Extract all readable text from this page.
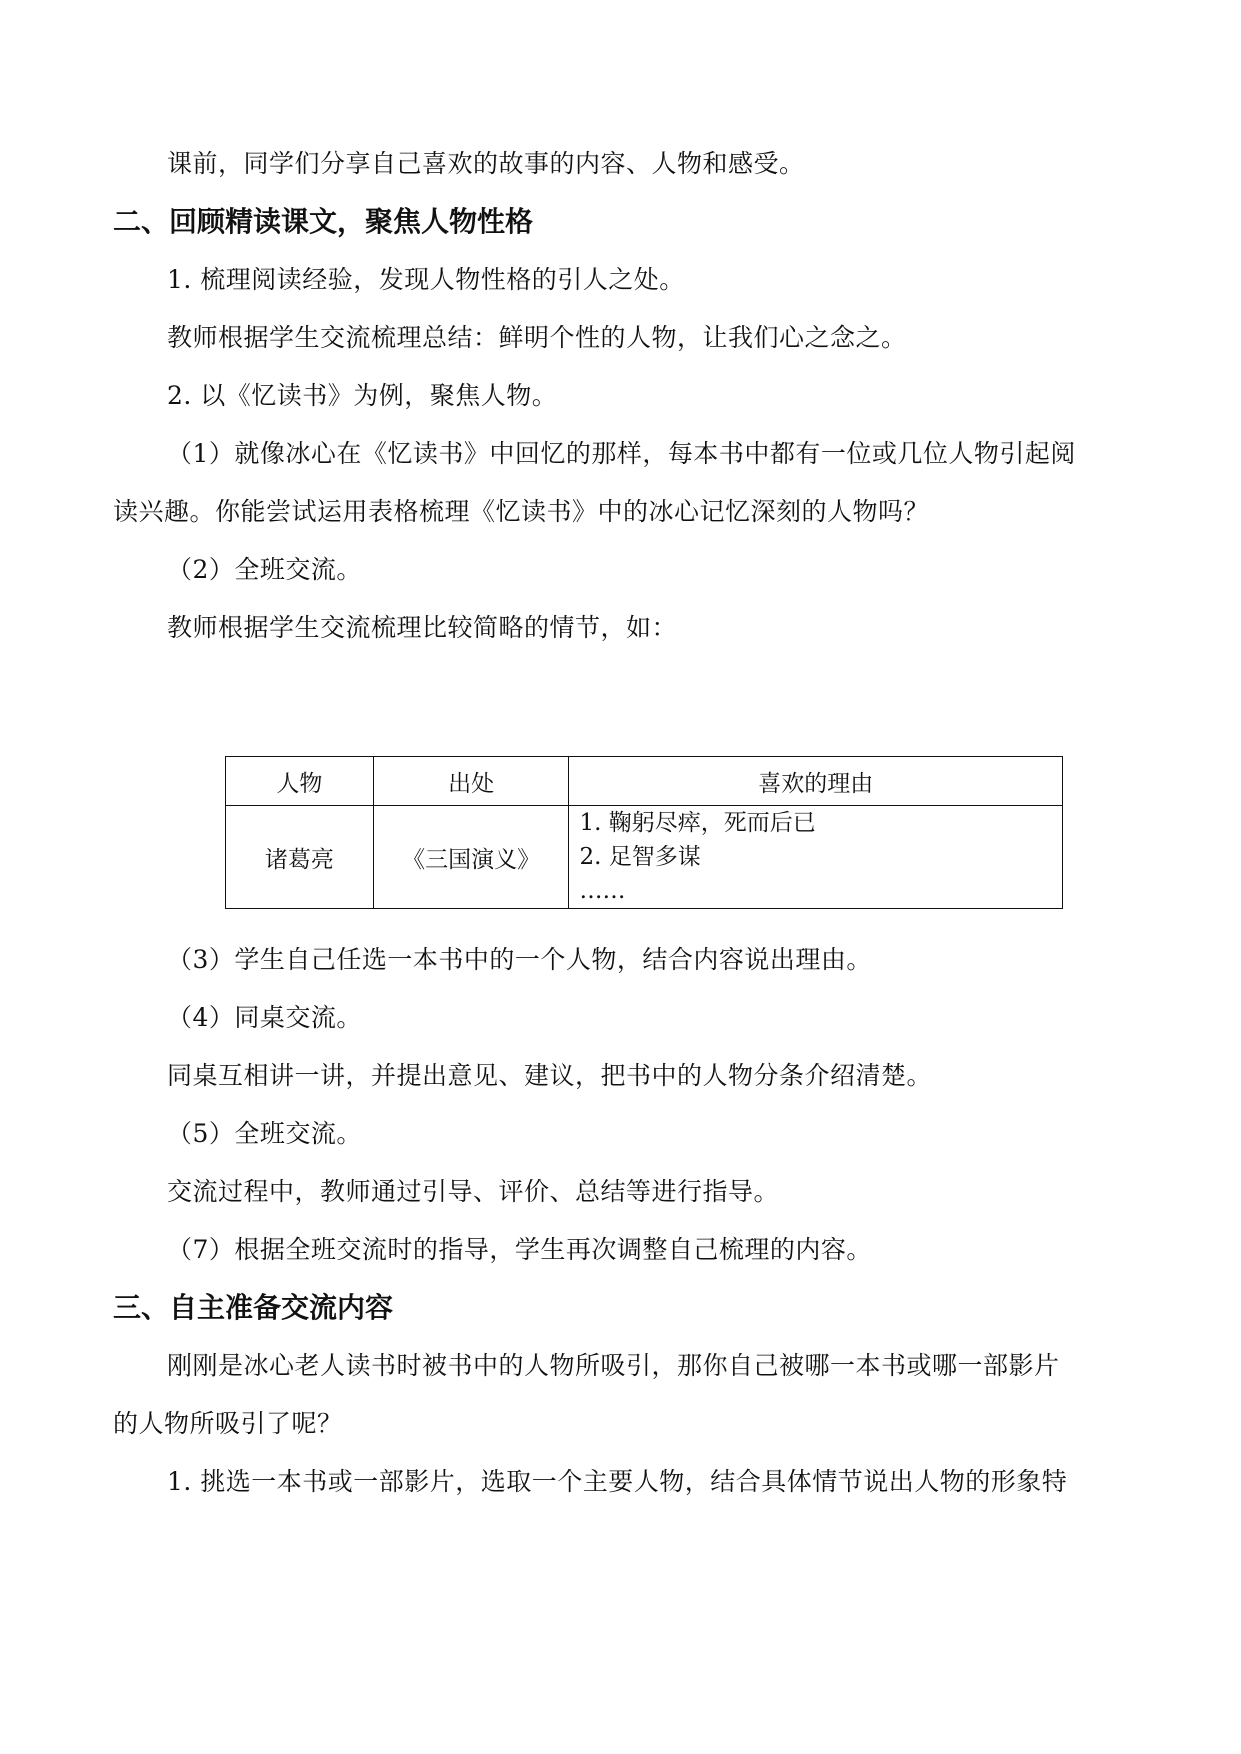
课前，同学们分享自己喜欢的故事的内容、人物和感受。
二、回顾精读课文，聚焦人物性格
1. 梳理阅读经验，发现人物性格的引人之处。
教师根据学生交流梳理总结：鲜明个性的人物，让我们心之念之。
2. 以《忆读书》为例，聚焦人物。
（1）就像冰心在《忆读书》中回忆的那样，每本书中都有一位或几位人物引起阅
读兴趣。你能尝试运用表格梳理《忆读书》中的冰心记忆深刻的人物吗？
（2）全班交流。
教师根据学生交流梳理比较简略的情节，如：
人物	出处	喜欢的理由
诸葛亮	《三国演义》	1. 鞠躬尽瘁，死而后已
2. 足智多谋
……
（3）学生自己任选一本书中的一个人物，结合内容说出理由。
（4）同桌交流。
同桌互相讲一讲，并提出意见、建议，把书中的人物分条介绍清楚。
（5）全班交流。
交流过程中，教师通过引导、评价、总结等进行指导。
（7）根据全班交流时的指导，学生再次调整自己梳理的内容。
三、自主准备交流内容
刚刚是冰心老人读书时被书中的人物所吸引，那你自己被哪一本书或哪一部影片
的人物所吸引了呢？
1. 挑选一本书或一部影片，选取一个主要人物，结合具体情节说出人物的形象特
